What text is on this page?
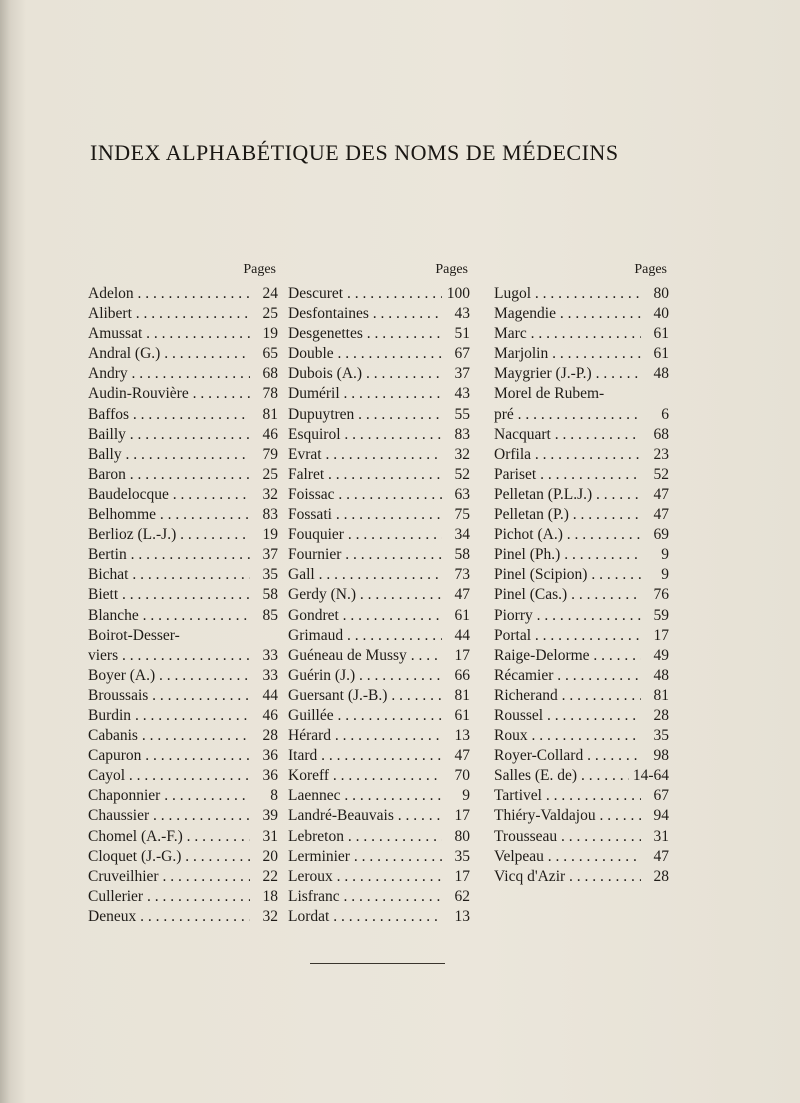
INDEX ALPHABÉTIQUE DES NOMS DE MÉDECINS
Pages
Adelon . . .	24
Alibert . . .	25
Amussat . . .	19
Andral (G.) . . .	65
Andry . . .	68
Audin-Rouvière . . .	78
Baffos . . .	81
Bailly . . .	46
Bally . . .	79
Baron . . .	25
Baudelocque . . .	32
Belhomme . . .	83
Berlioz (L.-J.) . . .	19
Bertin . . .	37
Bichat . . .	35
Biett . . .	58
Blanche . . .	85
Boirot-Desser-
viers . . .	33
Boyer (A.) . . .	33
Broussais . . .	44
Burdin . . .	46
Cabanis . . .	28
Capuron . . .	36
Cayol . . .	36
Chaponnier . . .	8
Chaussier . . .	39
Chomel (A.-F.) . . .	31
Cloquet (J.-G.) . . .	20
Cruveilhier . . .	22
Cullerier . . .	18
Deneux . . .	32
Pages
Descuret . . .	100
Desfontaines . . .	43
Desgenettes . . .	51
Double . . .	67
Dubois (A.) . . .	37
Duméril . . .	43
Dupuytren . . .	55
Esquirol . . .	83
Evrat . . .	32
Falret . . .	52
Foissac . . .	63
Fossati . . .	75
Fouquier . . .	34
Fournier . . .	58
Gall . . .	73
Gerdy (N.) . . .	47
Gondret . . .	61
Grimaud . . .	44
Guéneau de Mussy . . .	17
Guérin (J.) . . .	66
Guersant (J.-B.) . . .	81
Guillée . . .	61
Hérard . . .	13
Itard . . .	47
Koreff . . .	70
Laennec . . .	9
Landré-Beauvais . . .	17
Lebreton . . .	80
Lerminier . . .	35
Leroux . . .	17
Lisfranc . . .	62
Lordat . . .	13
Pages
Lugol . . .	80
Magendie . . .	40
Marc . . .	61
Marjolin . . .	61
Maygrier (J.-P.) . . .	48
Morel de Rubem-
pré . . .	6
Nacquart . . .	68
Orfila . . .	23
Pariset . . .	52
Pelletan (P.L.J.) . . .	47
Pelletan (P.) . . .	47
Pichot (A.) . . .	69
Pinel (Ph.) . . .	9
Pinel (Scipion) . . .	9
Pinel (Cas.) . . .	76
Piorry . . .	59
Portal . . .	17
Raige-Delorme . . .	49
Récamier . . .	48
Richerand . . .	81
Roussel . . .	28
Roux . . .	35
Royer-Collard . . .	98
Salles (E. de) . . .	14-64
Tartivel . . .	67
Thiéry-Valdajou . . .	94
Trousseau . . .	31
Velpeau . . .	47
Vicq d'Azir . . .	28
